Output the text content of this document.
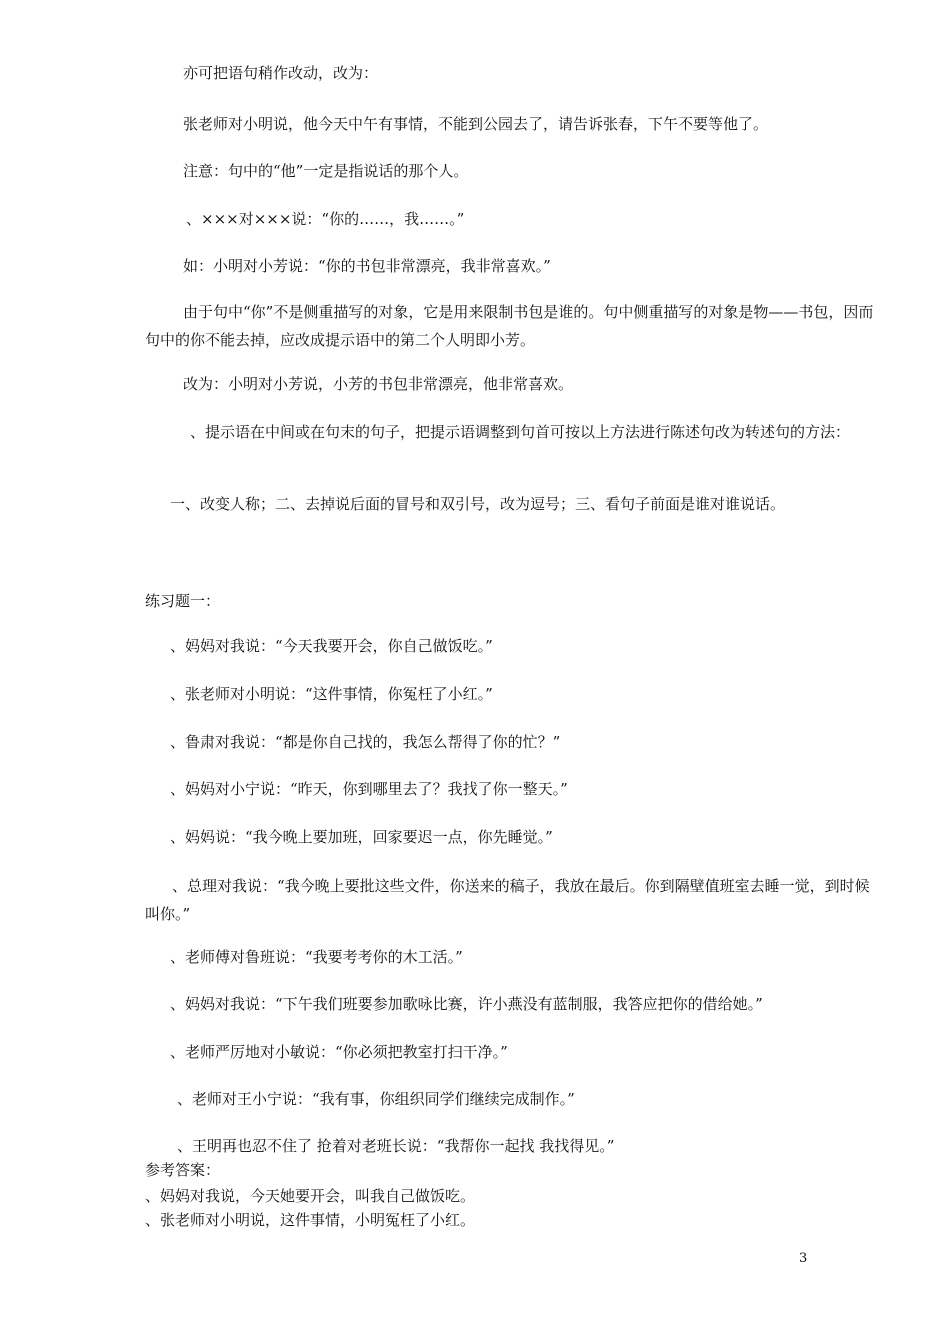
亦可把语句稍作改动，改为：
张老师对小明说，他今天中午有事情，不能到公园去了，请告诉张春，下午不要等他了。
注意：句中的“他”一定是指说话的那个人。
、×××对×××说：“你的……，我……。”
如：小明对小芳说：“你的书包非常漂亮，我非常喜欢。”
由于句中“你”不是侧重描写的对象，它是用来限制书包是谁的。句中侧重描写的对象是物——书包，因而句中的你不能去掉，应改成提示语中的第二个人明即小芳。
改为：小明对小芳说，小芳的书包非常漂亮，他非常喜欢。
、提示语在中间或在句末的句子，把提示语调整到句首可按以上方法进行陈述句改为转述句的方法：
一、改变人称；二、去掉说后面的冒号和双引号，改为逗号；三、看句子前面是谁对谁说话。
练习题一：
、妈妈对我说：“今天我要开会，你自己做饭吃。”
、张老师对小明说：“这件事情，你冤枉了小红。”
、鲁肃对我说：“都是你自己找的，我怎么帮得了你的忙？”
、妈妈对小宁说：“昨天，你到哪里去了？我找了你一整天。”
、妈妈说：“我今晚上要加班，回家要迟一点，你先睡觉。”
、总理对我说：“我今晚上要批这些文件，你送来的稿子，我放在最后。你到隔壁值班室去睡一觉，到时候叫你。”
、老师傅对鲁班说：“我要考考你的木工活。”
、妈妈对我说：“下午我们班要参加歌咏比赛，许小燕没有蓝制服，我答应把你的借给她。”
、老师严厉地对小敏说：“你必须把教室打扫干净。”
、老师对王小宁说：“我有事，你组织同学们继续完成制作。”
、王明再也忍不住了 抢着对老班长说：“我帮你一起找 我找得见。”
参考答案：
、妈妈对我说，今天她要开会，叫我自己做饭吃。
、张老师对小明说，这件事情，小明冤枉了小红。
3
